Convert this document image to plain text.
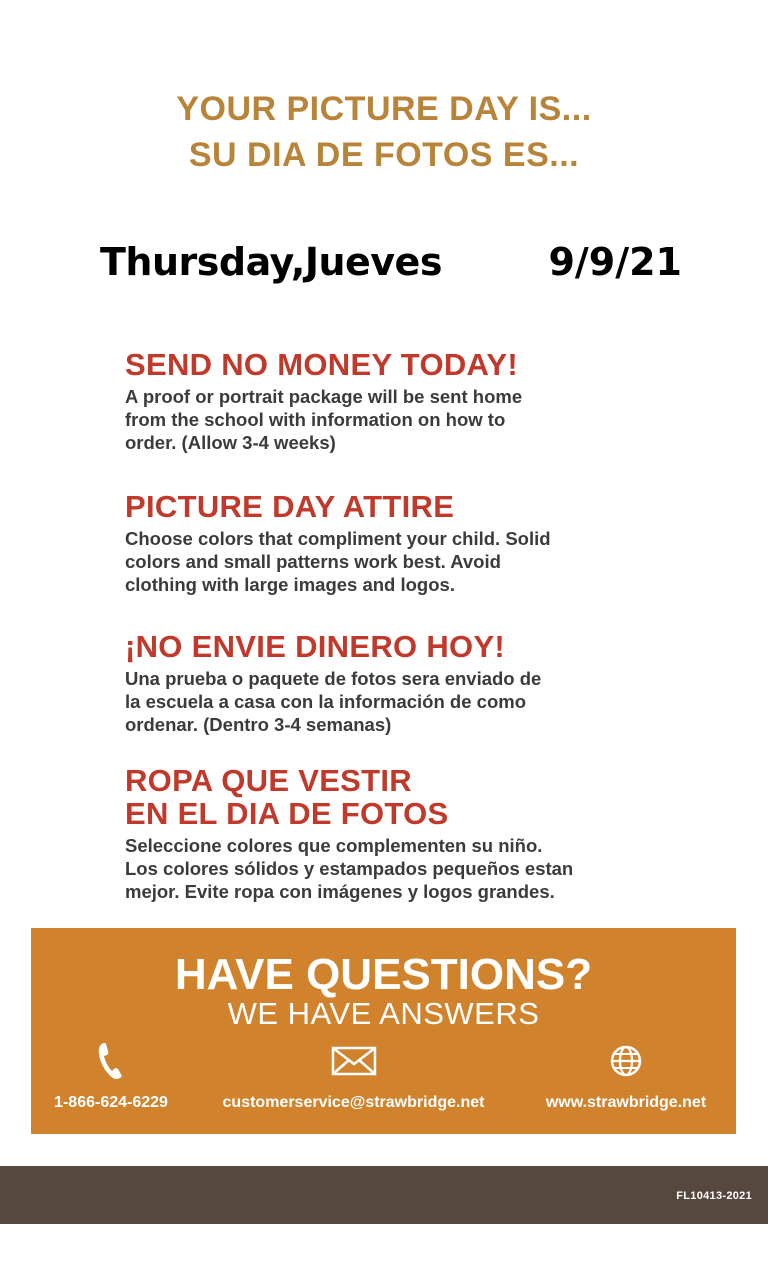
YOUR PICTURE DAY IS...
SU DIA DE FOTOS ES...
Thursday,Jueves	9/9/21
SEND NO MONEY TODAY!

A proof or portrait package will be sent home
from the school with information on how to
order. (Allow 3-4 weeks)

PICTURE DAY ATTIRE

Choose colors that compliment your child. Solid
colors and small patterns work best. Avoid
clothing with large images and logos.

¡NO ENVIE DINERO HOY!

Una prueba o paquete de fotos sera enviado de
la escuela a casa con la información de como
ordenar. (Dentro 3-4 semanas)

ROPA QUE VESTIR
EN EL DIA DE FOTOS

Seleccione colores que complementen su niño.
Los colores sólidos y estampados pequeños estan
mejor. Evite ropa con imágenes y logos grandes.

HAVE QUESTIONS?
WE HAVE ANSWERS
1-866-624-6229	customerservice@strawbridge.net	www.strawbridge.net
FL10413-2021
